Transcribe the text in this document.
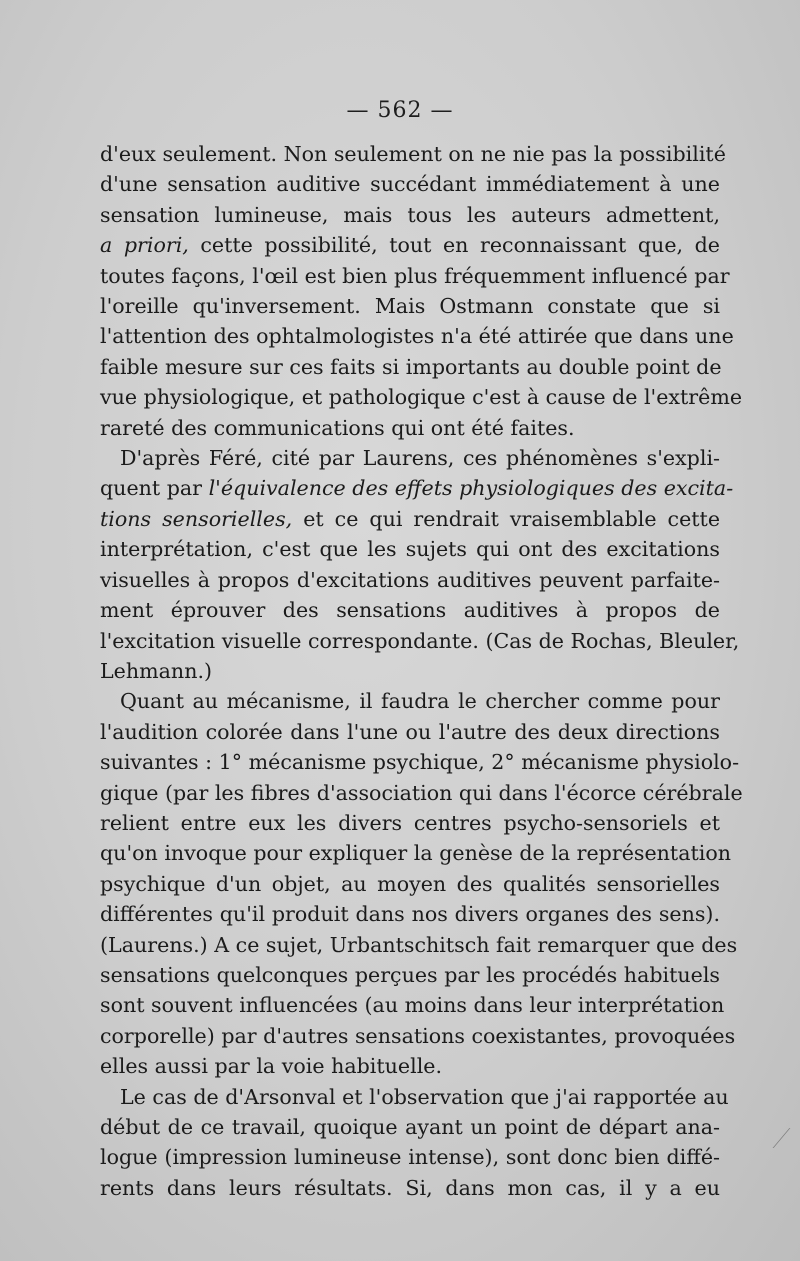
— 562 —
d'eux seulement. Non seulement on ne nie pas la possibilité
d'une sensation auditive succédant immédiatement à une
sensation lumineuse, mais tous les auteurs admettent,
a priori, cette possibilité, tout en reconnaissant que, de
toutes façons, l'œil est bien plus fréquemment influencé par
l'oreille qu'inversement. Mais Ostmann constate que si
l'attention des ophtalmologistes n'a été attirée que dans une
faible mesure sur ces faits si importants au double point de
vue physiologique, et pathologique c'est à cause de l'extrême
rareté des communications qui ont été faites.
D'après Féré, cité par Laurens, ces phénomènes s'expli-
quent par l'équivalence des effets physiologiques des excita-
tions sensorielles, et ce qui rendrait vraisemblable cette
interprétation, c'est que les sujets qui ont des excitations
visuelles à propos d'excitations auditives peuvent parfaite-
ment éprouver des sensations auditives à propos de
l'excitation visuelle correspondante. (Cas de Rochas, Bleuler,
Lehmann.)
Quant au mécanisme, il faudra le chercher comme pour
l'audition colorée dans l'une ou l'autre des deux directions
suivantes : 1° mécanisme psychique, 2° mécanisme physiolo-
gique (par les fibres d'association qui dans l'écorce cérébrale
relient entre eux les divers centres psycho-sensoriels et
qu'on invoque pour expliquer la genèse de la représentation
psychique d'un objet, au moyen des qualités sensorielles
différentes qu'il produit dans nos divers organes des sens).
(Laurens.) A ce sujet, Urbantschitsch fait remarquer que des
sensations quelconques perçues par les procédés habituels
sont souvent influencées (au moins dans leur interprétation
corporelle) par d'autres sensations coexistantes, provoquées
elles aussi par la voie habituelle.
Le cas de d'Arsonval et l'observation que j'ai rapportée au
début de ce travail, quoique ayant un point de départ ana-
logue (impression lumineuse intense), sont donc bien diffé-
rents dans leurs résultats. Si, dans mon cas, il y a eu
